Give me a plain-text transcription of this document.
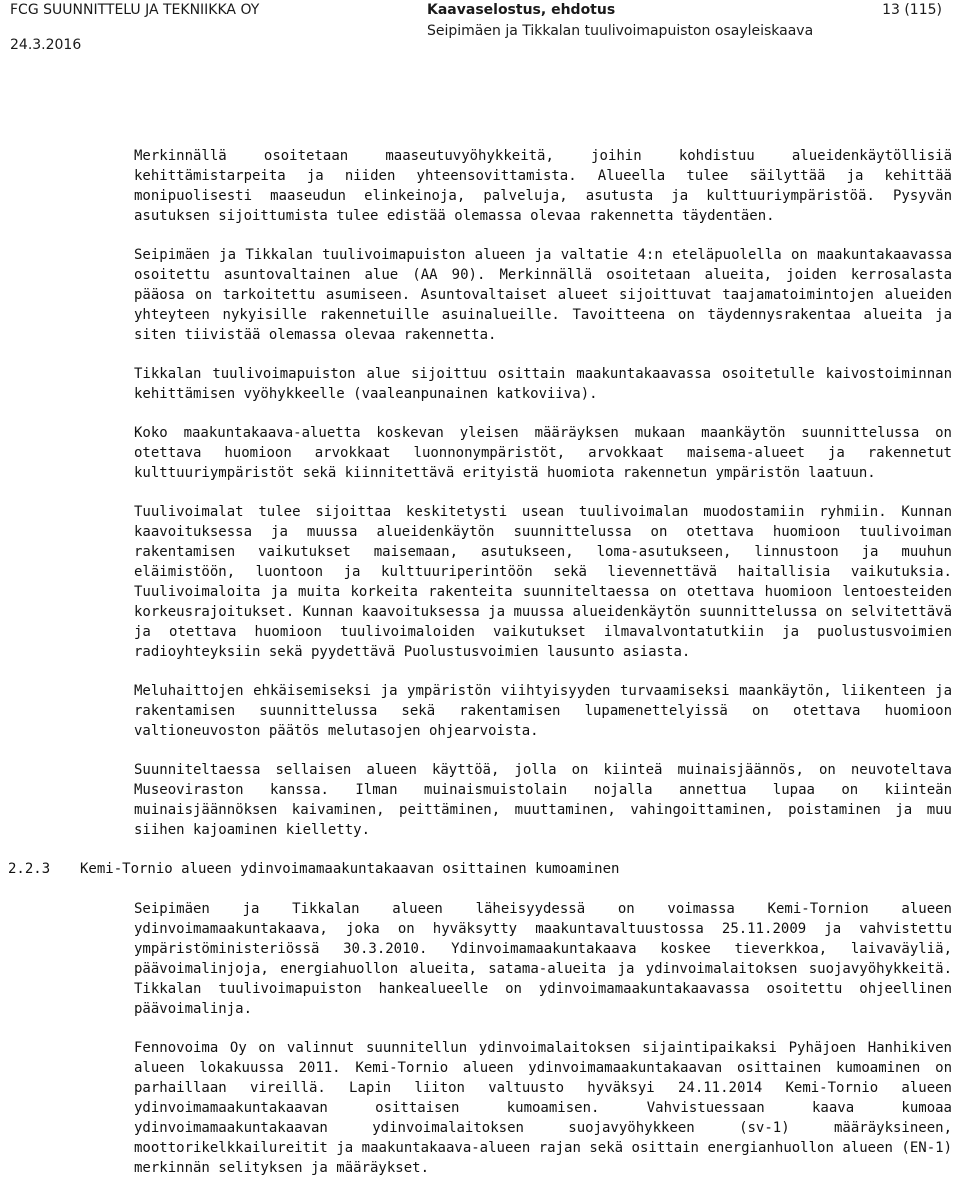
FCG SUUNNITTELU JA TEKNIIKKA OY
24.3.2016
Kaavaselostus, ehdotus
Seipimäen ja Tikkalan tuulivoimapuiston osayleiskaava
13 (115)

Merkinnällä osoitetaan maaseutuvyöhykkeitä, joihin kohdistuu alueidenkäytöllisiä kehittämistarpeita ja niiden yhteensovittamista. Alueella tulee säilyttää ja kehittää monipuolisesti maaseudun elinkeinoja, palveluja, asutusta ja kulttuuriympäristöä. Pysyvän asutuksen sijoittumista tulee edistää olemassa olevaa rakennetta täydentäen.

Seipimäen ja Tikkalan tuulivoimapuiston alueen ja valtatie 4:n eteläpuolella on maakuntakaavassa osoitettu asuntovaltainen alue (AA 90). Merkinnällä osoitetaan alueita, joiden kerrosalasta pääosa on tarkoitettu asumiseen. Asuntovaltaiset alueet sijoittuvat taajamatoimintojen alueiden yhteyteen nykyisille rakennetuille asuinalueille. Tavoitteena on täydennysrakentaa alueita ja siten tiivistää olemassa olevaa rakennetta.

Tikkalan tuulivoimapuiston alue sijoittuu osittain maakuntakaavassa osoitetulle kaivostoiminnan kehittämisen vyöhykkeelle (vaaleanpunainen katkoviiva).

Koko maakuntakaava-aluetta koskevan yleisen määräyksen mukaan maankäytön suunnittelussa on otettava huomioon arvokkaat luonnonympäristöt, arvokkaat maisema-alueet ja rakennetut kulttuuriympäristöt sekä kiinnitettävä erityistä huomiota rakennetun ympäristön laatuun.

Tuulivoimalat tulee sijoittaa keskitetysti usean tuulivoimalan muodostamiin ryhmiin. Kunnan kaavoituksessa ja muussa alueidenkäytön suunnittelussa on otettava huomioon tuulivoiman rakentamisen vaikutukset maisemaan, asutukseen, loma-asutukseen, linnustoon ja muuhun eläimistöön, luontoon ja kulttuuriperintöön sekä lievennettävä haitallisia vaikutuksia. Tuulivoimaloita ja muita korkeita rakenteita suunniteltaessa on otettava huomioon lentoesteiden korkeusrajoitukset. Kunnan kaavoituksessa ja muussa alueidenkäytön suunnittelussa on selvitettävä ja otettava huomioon tuulivoimaloiden vaikutukset ilmavalvontatutkiin ja puolustusvoimien radioyhteyksiin sekä pyydettävä Puolustusvoimien lausunto asiasta.

Meluhaittojen ehkäisemiseksi ja ympäristön viihtyisyyden turvaamiseksi maankäytön, liikenteen ja rakentamisen suunnittelussa sekä rakentamisen lupamenettelyissä on otettava huomioon valtioneuvoston päätös melutasojen ohjearvoista.

Suunniteltaessa sellaisen alueen käyttöä, jolla on kiinteä muinaisjäännös, on neuvoteltava Museoviraston kanssa. Ilman muinaismuistolain nojalla annettua lupaa on kiinteän muinaisjäännöksen kaivaminen, peittäminen, muuttaminen, vahingoittaminen, poistaminen ja muu siihen kajoaminen kielletty.

2.2.3	Kemi-Tornio alueen ydinvoimamaakuntakaavan osittainen kumoaminen

Seipimäen ja Tikkalan alueen läheisyydessä on voimassa Kemi-Tornion alueen ydinvoimamaakuntakaava, joka on hyväksytty maakuntavaltuustossa 25.11.2009 ja vahvistettu ympäristöministeriössä 30.3.2010. Ydinvoimamaakuntakaava koskee tieverkkoa, laivaväyliä, päävoimalinjoja, energiahuollon alueita, satama-alueita ja ydinvoimalaitoksen suojavyöhykkeitä. Tikkalan tuulivoimapuiston hankealueelle on ydinvoimamaakuntakaavassa osoitettu ohjeellinen päävoimalinja.

Fennovoima Oy on valinnut suunnitellun ydinvoimalaitoksen sijaintipaikaksi Pyhäjoen Hanhikiven alueen lokakuussa 2011. Kemi-Tornio alueen ydinvoimamaakuntakaavan osittainen kumoaminen on parhaillaan vireillä. Lapin liiton valtuusto hyväksyi 24.11.2014 Kemi-Tornio alueen ydinvoimamaakuntakaavan osittaisen kumoamisen. Vahvistuessaan kaava kumoaa ydinvoimamaakuntakaavan ydinvoimalaitoksen suojavyöhykkeen (sv-1) määräyksineen, moottorikelkkailureitit ja maakuntakaava-alueen rajan sekä osittain energianhuollon alueen (EN-1) merkinnän selityksen ja määräykset.
